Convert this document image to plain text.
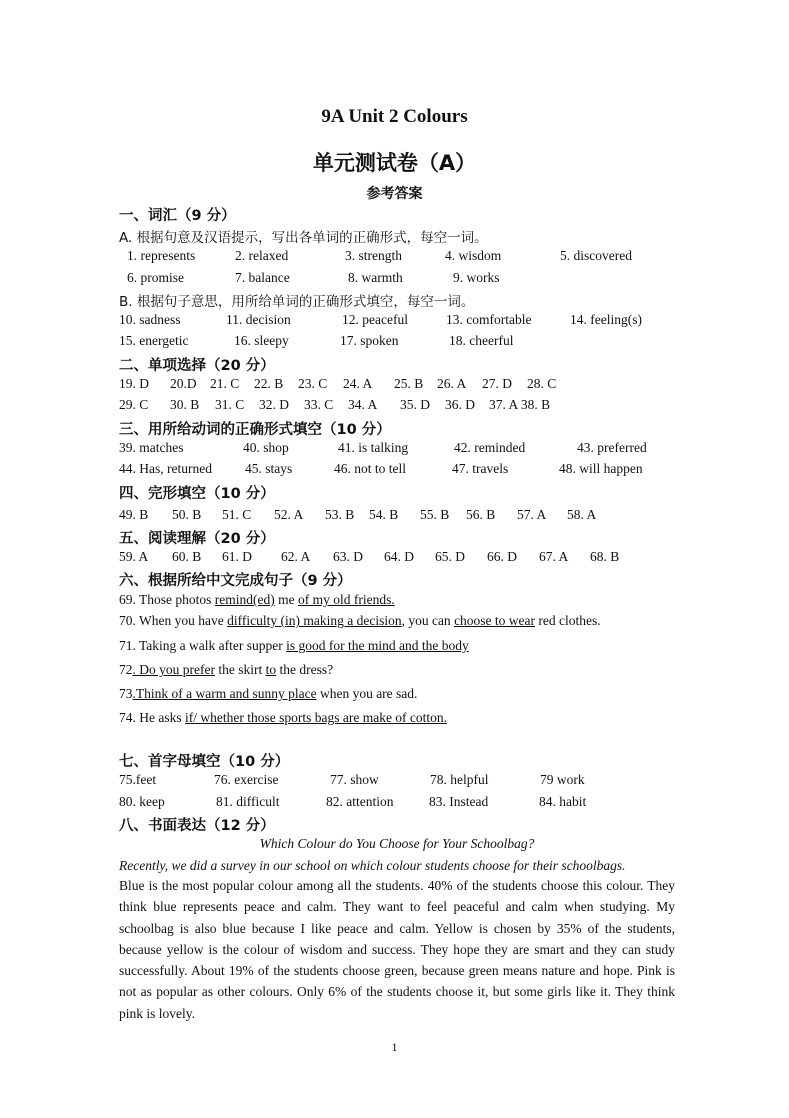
9A Unit 2 Colours
单元测试卷（A）
参考答案
一、词汇（9 分）
A. 根据句意及汉语提示，写出各单词的正确形式，每空一词。
1. represents	2. relaxed	3. strength	4. wisdom	5. discovered
6. promise	7. balance	8. warmth	9. works
B. 根据句子意思，用所给单词的正确形式填空，每空一词。
10. sadness	11. decision	12. peaceful	13. comfortable	14. feeling(s)
15. energetic	16. sleepy	17. spoken	18. cheerful
二、单项选择（20 分）
19. D 20.D 21. C 22. B 23. C 24. A 25. B 26. A 27. D 28. C
29. C 30. B 31. C 32. D 33. C 34. A 35. D 36. D 37. A 38. B
三、用所给动词的正确形式填空（10 分）
39. matches	40. shop	41. is talking	42. reminded	43. preferred
44. Has, returned 45. stays	46. not to tell	47. travels	48. will happen
四、完形填空（10 分）
49. B 50. B 51. C 52. A 53. B 54. B 55. B 56. B 57. A 58. A
五、阅读理解（20 分）
59. A 60. B 61. D 62. A 63. D 64. D 65. D 66. D 67. A 68. B
六、根据所给中文完成句子（9 分）
69. Those photos remind(ed) me of my old friends.
70. When you have difficulty (in) making a decision, you can choose to wear red clothes.
71. Taking a walk after supper is good for the mind and the body
72. Do you prefer the skirt to the dress?
73.Think of a warm and sunny place when you are sad.
74. He asks if/ whether those sports bags are make of cotton.
七、首字母填空（10 分）
75.feet	76. exercise	77. show	78. helpful	79 work
80. keep	81. difficult	82. attention	83. Instead	84. habit
八、书面表达（12 分）
Which Colour do You Choose for Your Schoolbag?
Recently, we did a survey in our school on which colour students choose for their schoolbags.
Blue is the most popular colour among all the students. 40% of the students choose this colour. They think blue represents peace and calm. They want to feel peaceful and calm when studying. My schoolbag is also blue because I like peace and calm. Yellow is chosen by 35% of the students, because yellow is the colour of wisdom and success. They hope they are smart and they can study successfully. About 19% of the students choose green, because green means nature and hope. Pink is not as popular as other colours. Only 6% of the students choose it, but some girls like it. They think pink is lovely.
1
